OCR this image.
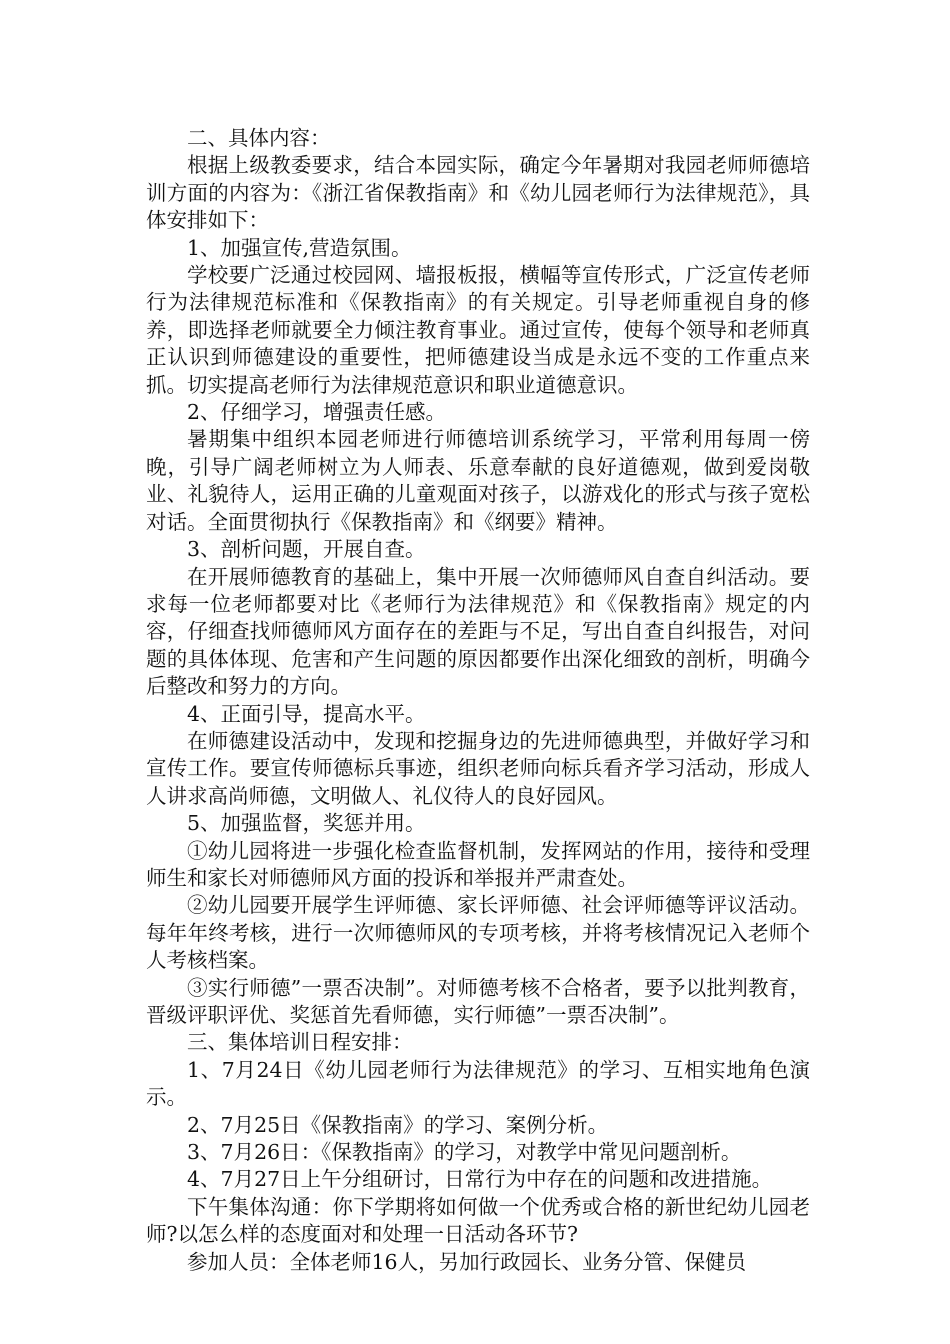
二、具体内容：

根据上级教委要求，结合本园实际，确定今年暑期对我园老师师德培训方面的内容为：《浙江省保教指南》和《幼儿园老师行为法律规范》，具体安排如下：

1、加强宣传,营造氛围。

学校要广泛通过校园网、墙报板报，横幅等宣传形式，广泛宣传老师行为法律规范标准和《保教指南》的有关规定。引导老师重视自身的修养，即选择老师就要全力倾注教育事业。通过宣传，使每个领导和老师真正认识到师德建设的重要性，把师德建设当成是永远不变的工作重点来抓。切实提高老师行为法律规范意识和职业道德意识。

2、仔细学习，增强责任感。

暑期集中组织本园老师进行师德培训系统学习，平常利用每周一傍晚，引导广阔老师树立为人师表、乐意奉献的良好道德观，做到爱岗敬业、礼貌待人，运用正确的儿童观面对孩子，以游戏化的形式与孩子宽松对话。全面贯彻执行《保教指南》和《纲要》精神。

3、剖析问题，开展自查。

在开展师德教育的基础上，集中开展一次师德师风自查自纠活动。要求每一位老师都要对比《老师行为法律规范》和《保教指南》规定的内容，仔细查找师德师风方面存在的差距与不足，写出自查自纠报告，对问题的具体体现、危害和产生问题的原因都要作出深化细致的剖析，明确今后整改和努力的方向。

4、正面引导，提高水平。

在师德建设活动中，发现和挖掘身边的先进师德典型，并做好学习和宣传工作。要宣传师德标兵事迹，组织老师向标兵看齐学习活动，形成人人讲求高尚师德，文明做人、礼仪待人的良好园风。

5、加强监督，奖惩并用。

①幼儿园将进一步强化检查监督机制，发挥网站的作用，接待和受理师生和家长对师德师风方面的投诉和举报并严肃查处。

②幼儿园要开展学生评师德、家长评师德、社会评师德等评议活动。每年年终考核，进行一次师德师风的专项考核，并将考核情况记入老师个人考核档案。

③实行师德”一票否决制”。对师德考核不合格者，要予以批判教育，晋级评职评优、奖惩首先看师德，实行师德”一票否决制”。

三、集体培训日程安排：

1、7月24日《幼儿园老师行为法律规范》的学习、互相实地角色演示。

2、7月25日《保教指南》的学习、案例分析。

3、7月26日：《保教指南》的学习，对教学中常见问题剖析。

4、7月27日上午分组研讨，日常行为中存在的问题和改进措施。

下午集体沟通：你下学期将如何做一个优秀或合格的新世纪幼儿园老师?以怎么样的态度面对和处理一日活动各环节?

参加人员：全体老师16人，另加行政园长、业务分管、保健员
